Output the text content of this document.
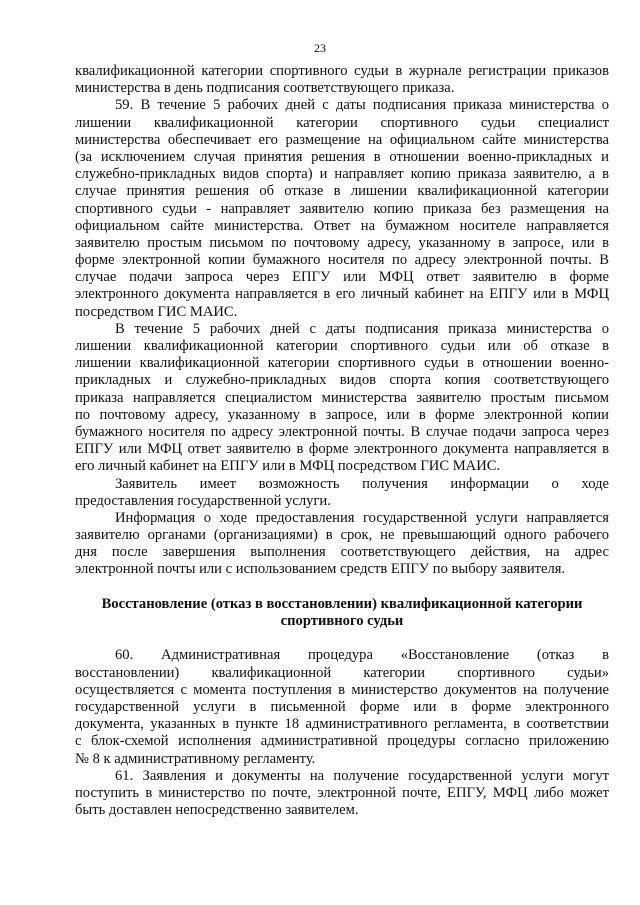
23
квалификационной категории спортивного судьи в журнале регистрации приказов
министерства в день подписания соответствующего приказа.
59. В течение 5 рабочих дней с даты подписания приказа министерства о
лишении квалификационной категории спортивного судьи специалист
министерства обеспечивает его размещение на официальном сайте министерства
(за исключением случая принятия решения в отношении военно-прикладных и
служебно-прикладных видов спорта) и направляет копию приказа заявителю, а в
случае принятия решения об отказе в лишении квалификационной категории
спортивного судьи - направляет заявителю копию приказа без размещения на
официальном сайте министерства. Ответ на бумажном носителе направляется
заявителю простым письмом по почтовому адресу, указанному в запросе, или в
форме электронной копии бумажного носителя по адресу электронной почты. В
случае подачи запроса через ЕПГУ или МФЦ ответ заявителю в форме
электронного документа направляется в его личный кабинет на ЕПГУ или в МФЦ
посредством ГИС МАИС.
В течение 5 рабочих дней с даты подписания приказа министерства о
лишении квалификационной категории спортивного судьи или об отказе в
лишении квалификационной категории спортивного судьи в отношении военно-
прикладных и служебно-прикладных видов спорта копия соответствующего
приказа направляется специалистом министерства заявителю простым письмом
по почтовому адресу, указанному в запросе, или в форме электронной копии
бумажного носителя по адресу электронной почты. В случае подачи запроса через
ЕПГУ или МФЦ ответ заявителю в форме электронного документа направляется в
его личный кабинет на ЕПГУ или в МФЦ посредством ГИС МАИС.
Заявитель имеет возможность получения информации о ходе
предоставления государственной услуги.
Информация о ходе предоставления государственной услуги направляется
заявителю органами (организациями) в срок, не превышающий одного рабочего
дня после завершения выполнения соответствующего действия, на адрес
электронной почты или с использованием средств ЕПГУ по выбору заявителя.
Восстановление (отказ в восстановлении) квалификационной категории
спортивного судьи
60. Административная процедура «Восстановление (отказ в
восстановлении) квалификационной категории спортивного судьи»
осуществляется с момента поступления в министерство документов на получение
государственной услуги в письменной форме или в форме электронного
документа, указанных в пункте 18 административного регламента, в соответствии
с блок-схемой исполнения административной процедуры согласно приложению
№ 8 к административному регламенту.
61. Заявления и документы на получение государственной услуги могут
поступить в министерство по почте, электронной почте, ЕПГУ, МФЦ либо может
быть доставлен непосредственно заявителем.
